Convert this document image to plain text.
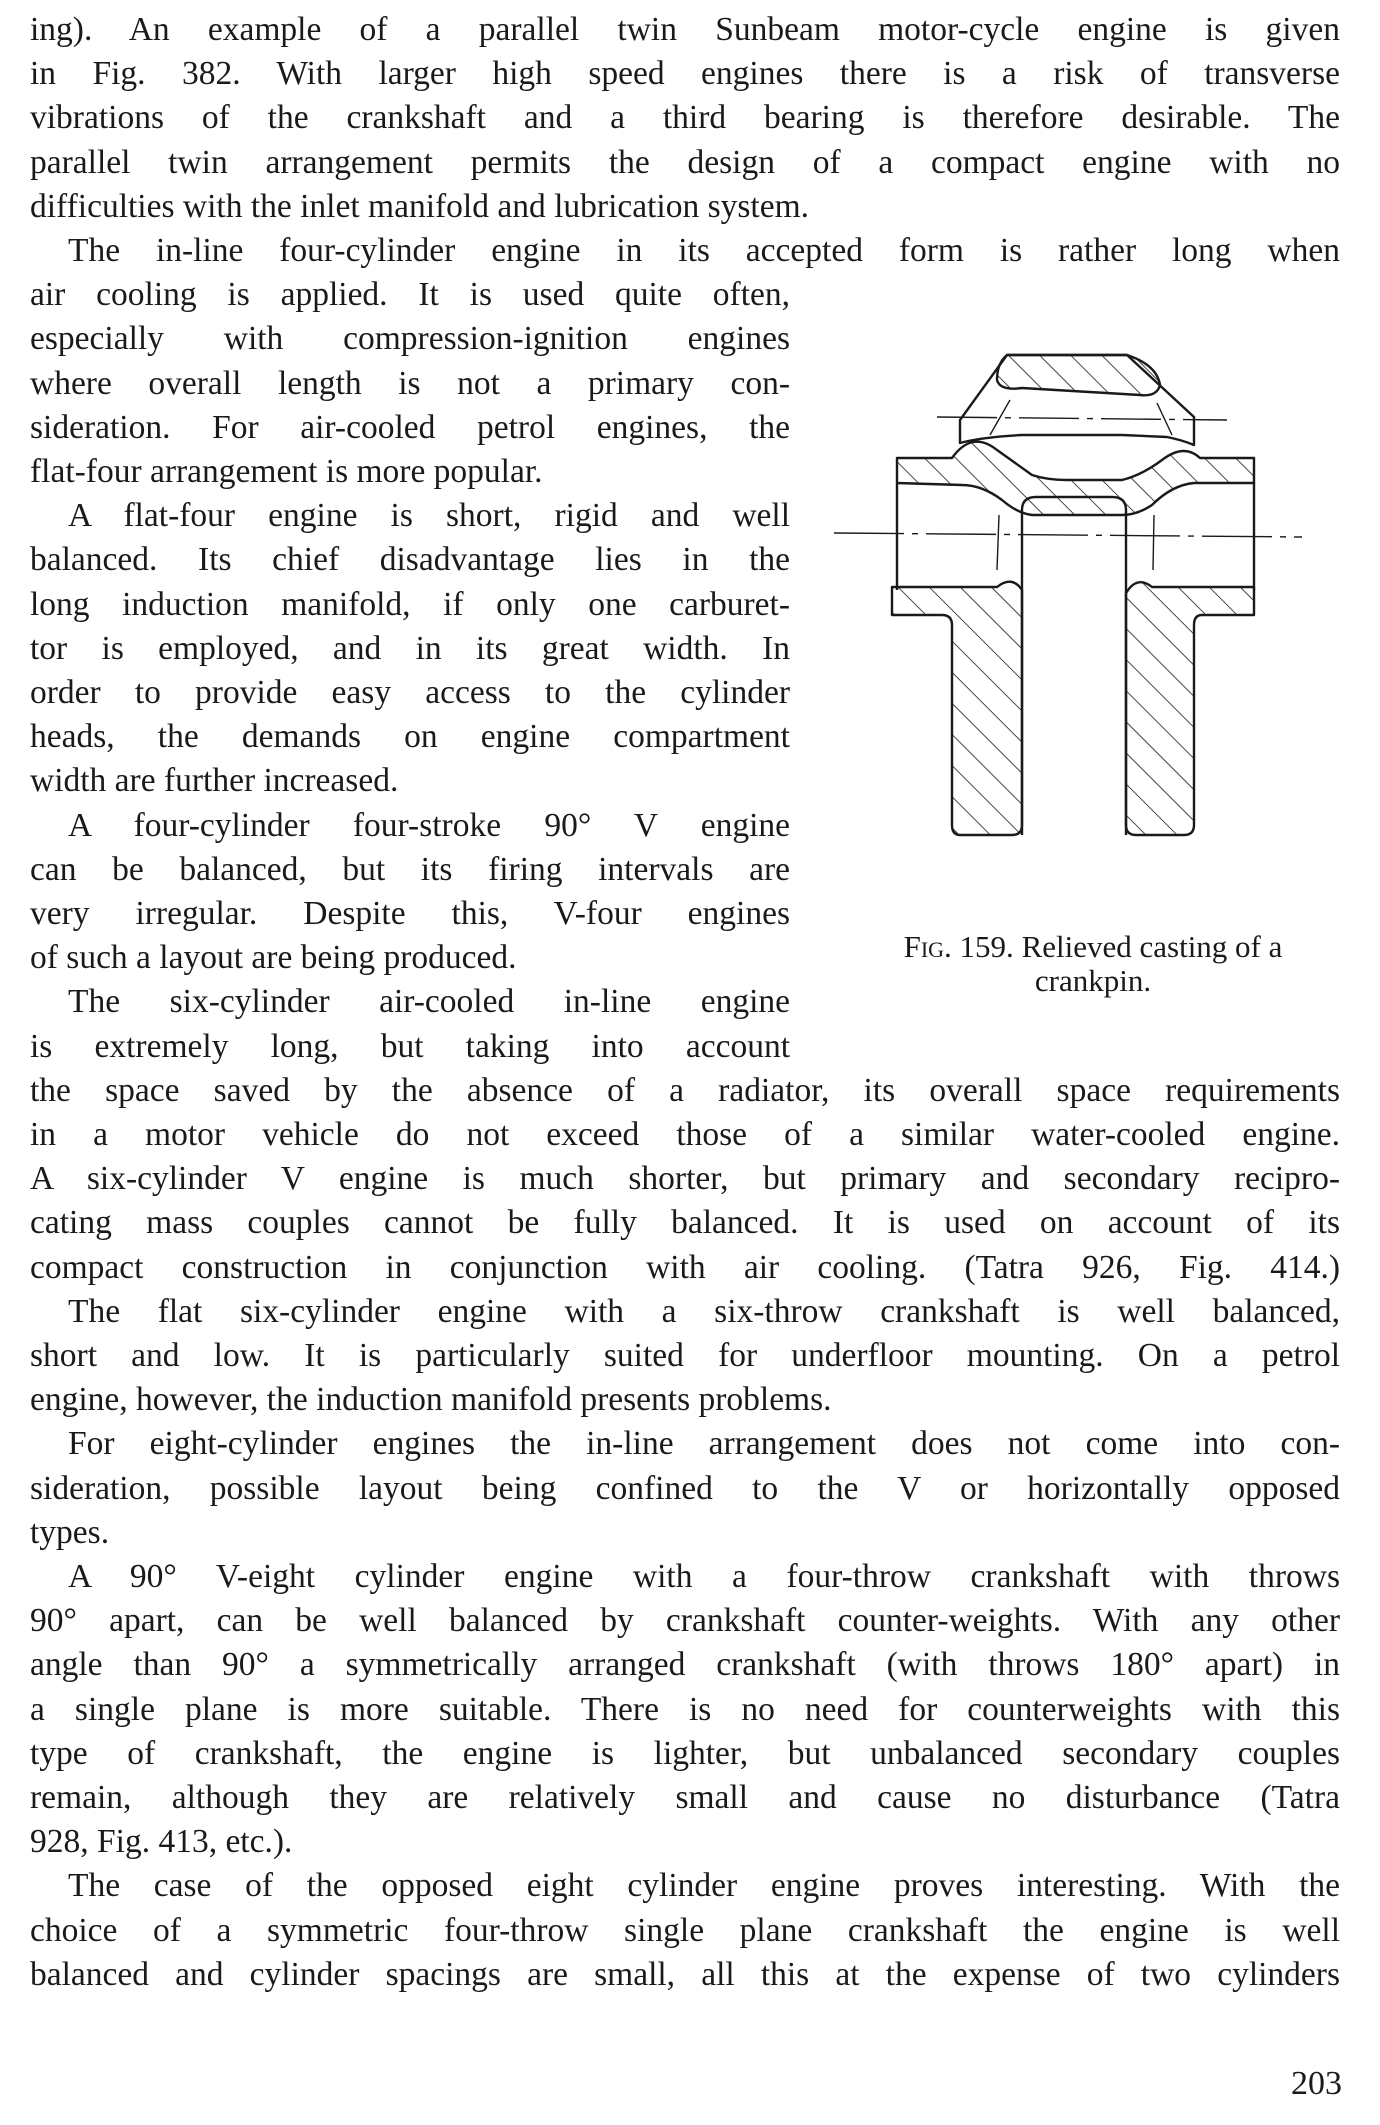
ing). An example of a parallel twin Sunbeam motor-cycle engine is given
in Fig. 382. With larger high speed engines there is a risk of transverse
vibrations of the crankshaft and a third bearing is therefore desirable. The
parallel twin arrangement permits the design of a compact engine with no
difficulties with the inlet manifold and lubrication system.
The in-line four-cylinder engine in its accepted form is rather long when
air cooling is applied. It is used quite often,
especially with compression-ignition engines
where overall length is not a primary con-
sideration. For air-cooled petrol engines, the
flat-four arrangement is more popular.
A flat-four engine is short, rigid and well
balanced. Its chief disadvantage lies in the
long induction manifold, if only one carburet-
tor is employed, and in its great width. In
order to provide easy access to the cylinder
heads, the demands on engine compartment
width are further increased.
A four-cylinder four-stroke 90° V engine
can be balanced, but its firing intervals are
very irregular. Despite this, V-four engines
of such a layout are being produced.
The six-cylinder air-cooled in-line engine
is extremely long, but taking into account
the space saved by the absence of a radiator, its overall space requirements
in a motor vehicle do not exceed those of a similar water-cooled engine.
A six-cylinder V engine is much shorter, but primary and secondary recipro-
cating mass couples cannot be fully balanced. It is used on account of its
compact construction in conjunction with air cooling. (Tatra 926, Fig. 414.)
The flat six-cylinder engine with a six-throw crankshaft is well balanced,
short and low. It is particularly suited for underfloor mounting. On a petrol
engine, however, the induction manifold presents problems.
For eight-cylinder engines the in-line arrangement does not come into con-
sideration, possible layout being confined to the V or horizontally opposed
types.
A 90° V-eight cylinder engine with a four-throw crankshaft with throws
90° apart, can be well balanced by crankshaft counter-weights. With any other
angle than 90° a symmetrically arranged crankshaft (with throws 180° apart) in
a single plane is more suitable. There is no need for counterweights with this
type of crankshaft, the engine is lighter, but unbalanced secondary couples
remain, although they are relatively small and cause no disturbance (Tatra
928, Fig. 413, etc.).
The case of the opposed eight cylinder engine proves interesting. With the
choice of a symmetric four-throw single plane crankshaft the engine is well
balanced and cylinder spacings are small, all this at the expense of two cylinders
Fig. 159. Relieved casting of a
crankpin.
203
